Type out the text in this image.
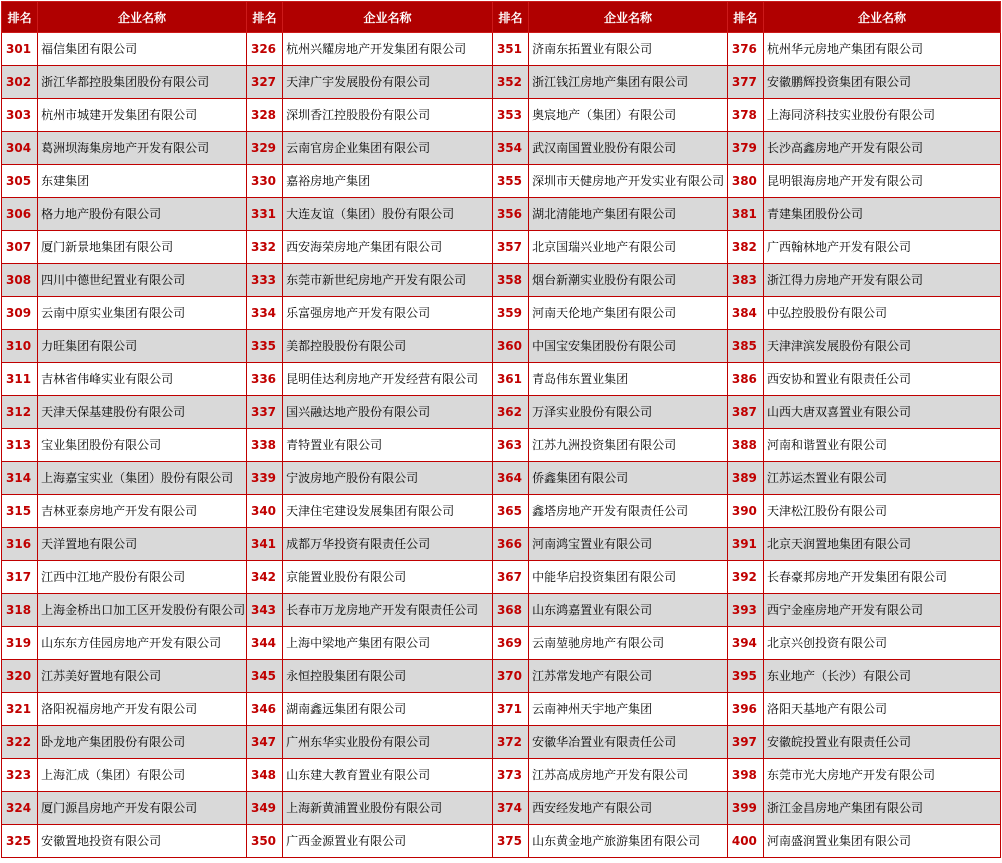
排名	企业名称	排名	企业名称	排名	企业名称	排名	企业名称
301	福信集团有限公司	326	杭州兴耀房地产开发集团有限公司	351	济南东拓置业有限公司	376	杭州华元房地产集团有限公司
302	浙江华都控股集团股份有限公司	327	天津广宇发展股份有限公司	352	浙江钱江房地产集团有限公司	377	安徽鹏辉投资集团有限公司
303	杭州市城建开发集团有限公司	328	深圳香江控股股份有限公司	353	奥宸地产（集团）有限公司	378	上海同济科技实业股份有限公司
304	葛洲坝海集房地产开发有限公司	329	云南官房企业集团有限公司	354	武汉南国置业股份有限公司	379	长沙高鑫房地产开发有限公司
305	东建集团	330	嘉裕房地产集团	355	深圳市天健房地产开发实业有限公司	380	昆明银海房地产开发有限公司
306	格力地产股份有限公司	331	大连友谊（集团）股份有限公司	356	湖北清能地产集团有限公司	381	青建集团股份公司
307	厦门新景地集团有限公司	332	西安海荣房地产集团有限公司	357	北京国瑞兴业地产有限公司	382	广西翰林地产开发有限公司
308	四川中德世纪置业有限公司	333	东莞市新世纪房地产开发有限公司	358	烟台新潮实业股份有限公司	383	浙江得力房地产开发有限公司
309	云南中原实业集团有限公司	334	乐富强房地产开发有限公司	359	河南天伦地产集团有限公司	384	中弘控股股份有限公司
310	力旺集团有限公司	335	美都控股股份有限公司	360	中国宝安集团股份有限公司	385	天津津滨发展股份有限公司
311	吉林省伟峰实业有限公司	336	昆明佳达利房地产开发经营有限公司	361	青岛伟东置业集团	386	西安协和置业有限责任公司
312	天津天保基建股份有限公司	337	国兴融达地产股份有限公司	362	万泽实业股份有限公司	387	山西大唐双喜置业有限公司
313	宝业集团股份有限公司	338	青特置业有限公司	363	江苏九洲投资集团有限公司	388	河南和谐置业有限公司
314	上海嘉宝实业（集团）股份有限公司	339	宁波房地产股份有限公司	364	侨鑫集团有限公司	389	江苏运杰置业有限公司
315	吉林亚泰房地产开发有限公司	340	天津住宅建设发展集团有限公司	365	鑫塔房地产开发有限责任公司	390	天津松江股份有限公司
316	天洋置地有限公司	341	成都万华投资有限责任公司	366	河南鸿宝置业有限公司	391	北京天润置地集团有限公司
317	江西中江地产股份有限公司	342	京能置业股份有限公司	367	中能华启投资集团有限公司	392	长春豪邦房地产开发集团有限公司
318	上海金桥出口加工区开发股份有限公司	343	长春市万龙房地产开发有限责任公司	368	山东鸿嘉置业有限公司	393	西宁金座房地产开发有限公司
319	山东东方佳园房地产开发有限公司	344	上海中梁地产集团有限公司	369	云南堃驰房地产有限公司	394	北京兴创投资有限公司
320	江苏美好置地有限公司	345	永恒控股集团有限公司	370	江苏常发地产有限公司	395	东业地产（长沙）有限公司
321	洛阳祝福房地产开发有限公司	346	湖南鑫远集团有限公司	371	云南神州天宇地产集团	396	洛阳天基地产有限公司
322	卧龙地产集团股份有限公司	347	广州东华实业股份有限公司	372	安徽华冶置业有限责任公司	397	安徽皖投置业有限责任公司
323	上海汇成（集团）有限公司	348	山东建大教育置业有限公司	373	江苏高成房地产开发有限公司	398	东莞市光大房地产开发有限公司
324	厦门源昌房地产开发有限公司	349	上海新黄浦置业股份有限公司	374	西安经发地产有限公司	399	浙江金昌房地产集团有限公司
325	安徽置地投资有限公司	350	广西金源置业有限公司	375	山东黄金地产旅游集团有限公司	400	河南盛润置业集团有限公司
